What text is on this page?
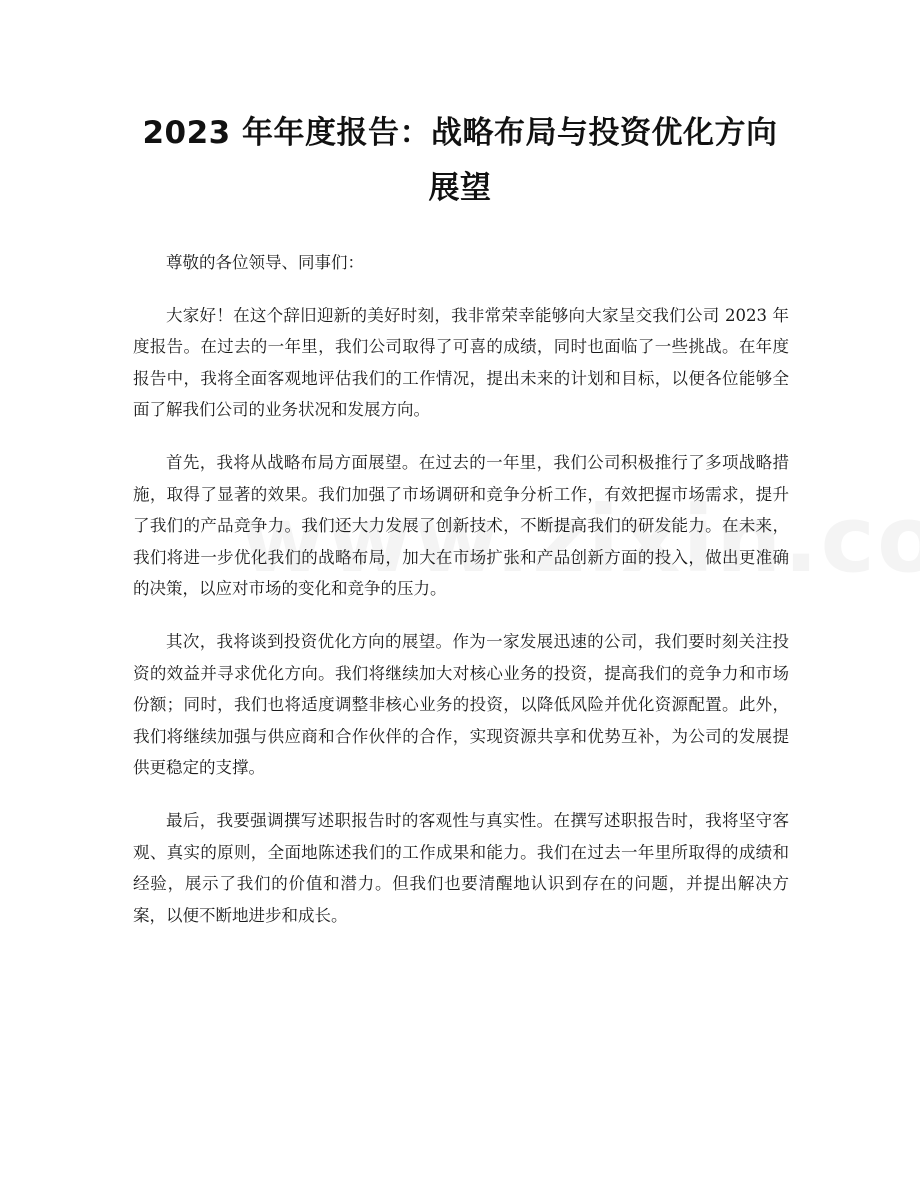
2023 年年度报告：战略布局与投资优化方向
展望

尊敬的各位领导、同事们：

大家好！在这个辞旧迎新的美好时刻，我非常荣幸能够向大家呈交我们公司 2023 年度报告。在过去的一年里，我们公司取得了可喜的成绩，同时也面临了一些挑战。在年度报告中，我将全面客观地评估我们的工作情况，提出未来的计划和目标，以便各位能够全面了解我们公司的业务状况和发展方向。

首先，我将从战略布局方面展望。在过去的一年里，我们公司积极推行了多项战略措施，取得了显著的效果。我们加强了市场调研和竞争分析工作，有效把握市场需求，提升了我们的产品竞争力。我们还大力发展了创新技术，不断提高我们的研发能力。在未来，我们将进一步优化我们的战略布局，加大在市场扩张和产品创新方面的投入，做出更准确的决策，以应对市场的变化和竞争的压力。

其次，我将谈到投资优化方向的展望。作为一家发展迅速的公司，我们要时刻关注投资的效益并寻求优化方向。我们将继续加大对核心业务的投资，提高我们的竞争力和市场份额；同时，我们也将适度调整非核心业务的投资，以降低风险并优化资源配置。此外，我们将继续加强与供应商和合作伙伴的合作，实现资源共享和优势互补，为公司的发展提供更稳定的支撑。

最后，我要强调撰写述职报告时的客观性与真实性。在撰写述职报告时，我将坚守客观、真实的原则，全面地陈述我们的工作成果和能力。我们在过去一年里所取得的成绩和经验，展示了我们的价值和潜力。但我们也要清醒地认识到存在的问题，并提出解决方案，以便不断地进步和成长。
